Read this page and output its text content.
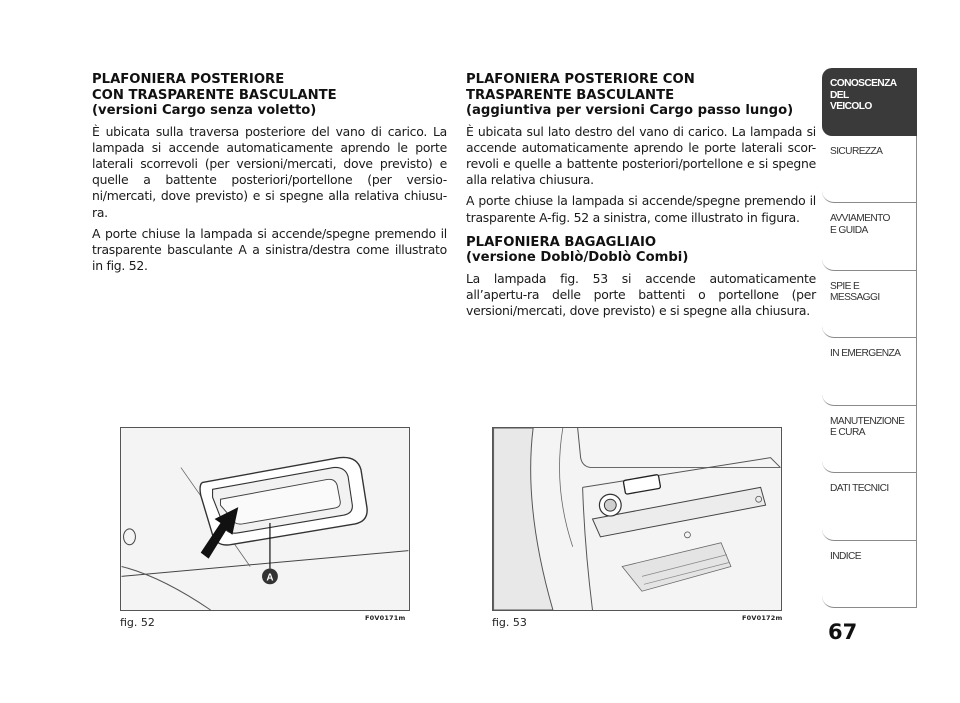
PLAFONIERA POSTERIORE
CON TRASPARENTE BASCULANTE
(versioni Cargo senza voletto)

È ubicata sulla traversa posteriore del vano di carico. La lampada si accende automaticamente aprendo le porte laterali scorrevoli (per versioni/mercati, dove previsto) e quelle a battente posteriori/portellone (per versio-ni/mercati, dove previsto) e si spegne alla relativa chiusu-ra.

A porte chiuse la lampada si accende/spegne premendo il trasparente basculante A a sinistra/destra come illustrato in fig. 52.

PLAFONIERA POSTERIORE CON
TRASPARENTE BASCULANTE
(aggiuntiva per versioni Cargo passo lungo)

È ubicata sul lato destro del vano di carico. La lampada si accende automaticamente aprendo le porte laterali scor-revoli e quelle a battente posteriori/portellone e si spegne alla relativa chiusura.

A porte chiuse la lampada si accende/spegne premendo il trasparente A-fig. 52 a sinistra, come illustrato in figura.

PLAFONIERA BAGAGLIAIO
(versione Doblò/Doblò Combi)

La lampada fig. 53 si accende automaticamente all’apertu-ra delle porte battenti o portellone (per versioni/mercati, dove previsto) e si spegne alla chiusura.

A
fig. 52	F0V0171m	fig. 53	F0V0172m
CONOSCENZA
DEL
VEICOLO
SICUREZZA
AVVIAMENTO
E GUIDA
SPIE E
MESSAGGI
IN EMERGENZA
MANUTENZIONE
E CURA
DATI TECNICI
INDICE
67
